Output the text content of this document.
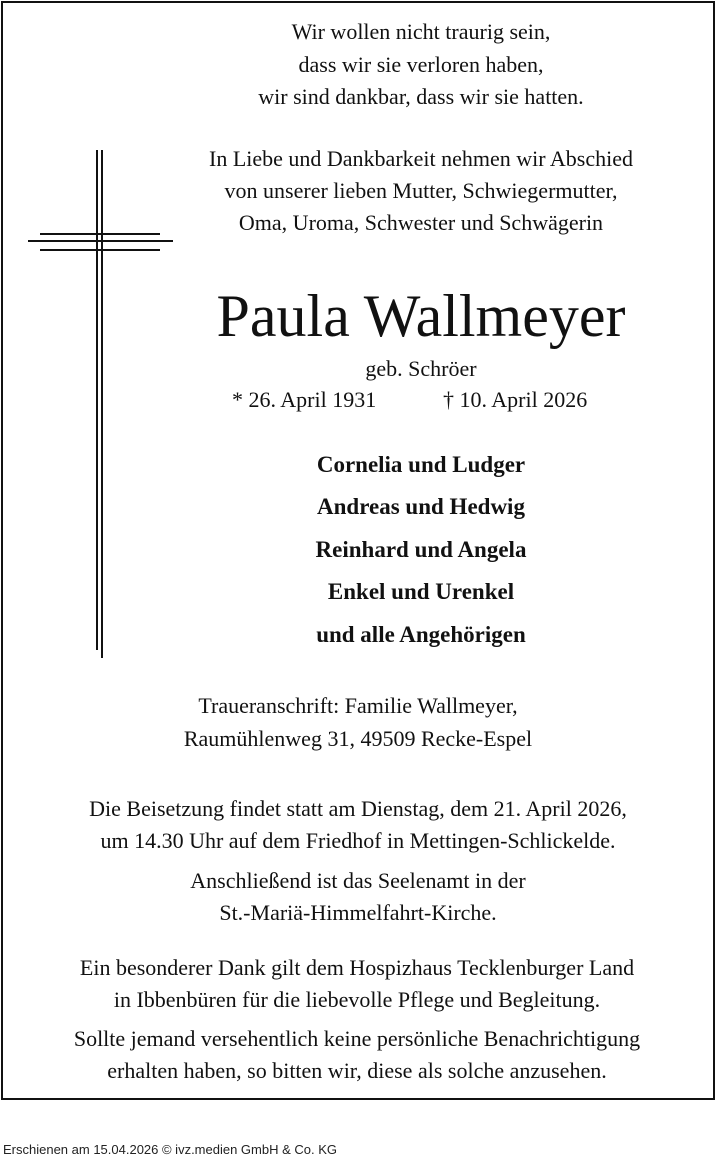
Wir wollen nicht traurig sein,
dass wir sie verloren haben,
wir sind dankbar, dass wir sie hatten.
In Liebe und Dankbarkeit nehmen wir Abschied
von unserer lieben Mutter, Schwiegermutter,
Oma, Uroma, Schwester und Schwägerin
Paula Wallmeyer
geb. Schröer
* 26. April 1931	† 10. April 2026
Cornelia und Ludger
Andreas und Hedwig
Reinhard und Angela
Enkel und Urenkel
und alle Angehörigen
Traueranschrift: Familie Wallmeyer,
Raumühlenweg 31, 49509 Recke-Espel
Die Beisetzung findet statt am Dienstag, dem 21. April 2026,
um 14.30 Uhr auf dem Friedhof in Mettingen-Schlickelde.
Anschließend ist das Seelenamt in der
St.-Mariä-Himmelfahrt-Kirche.
Ein besonderer Dank gilt dem Hospizhaus Tecklenburger Land
in Ibbenbüren für die liebevolle Pflege und Begleitung.
Sollte jemand versehentlich keine persönliche Benachrichtigung
erhalten haben, so bitten wir, diese als solche anzusehen.
Erschienen am 15.04.2026 © ivz.medien GmbH & Co. KG
